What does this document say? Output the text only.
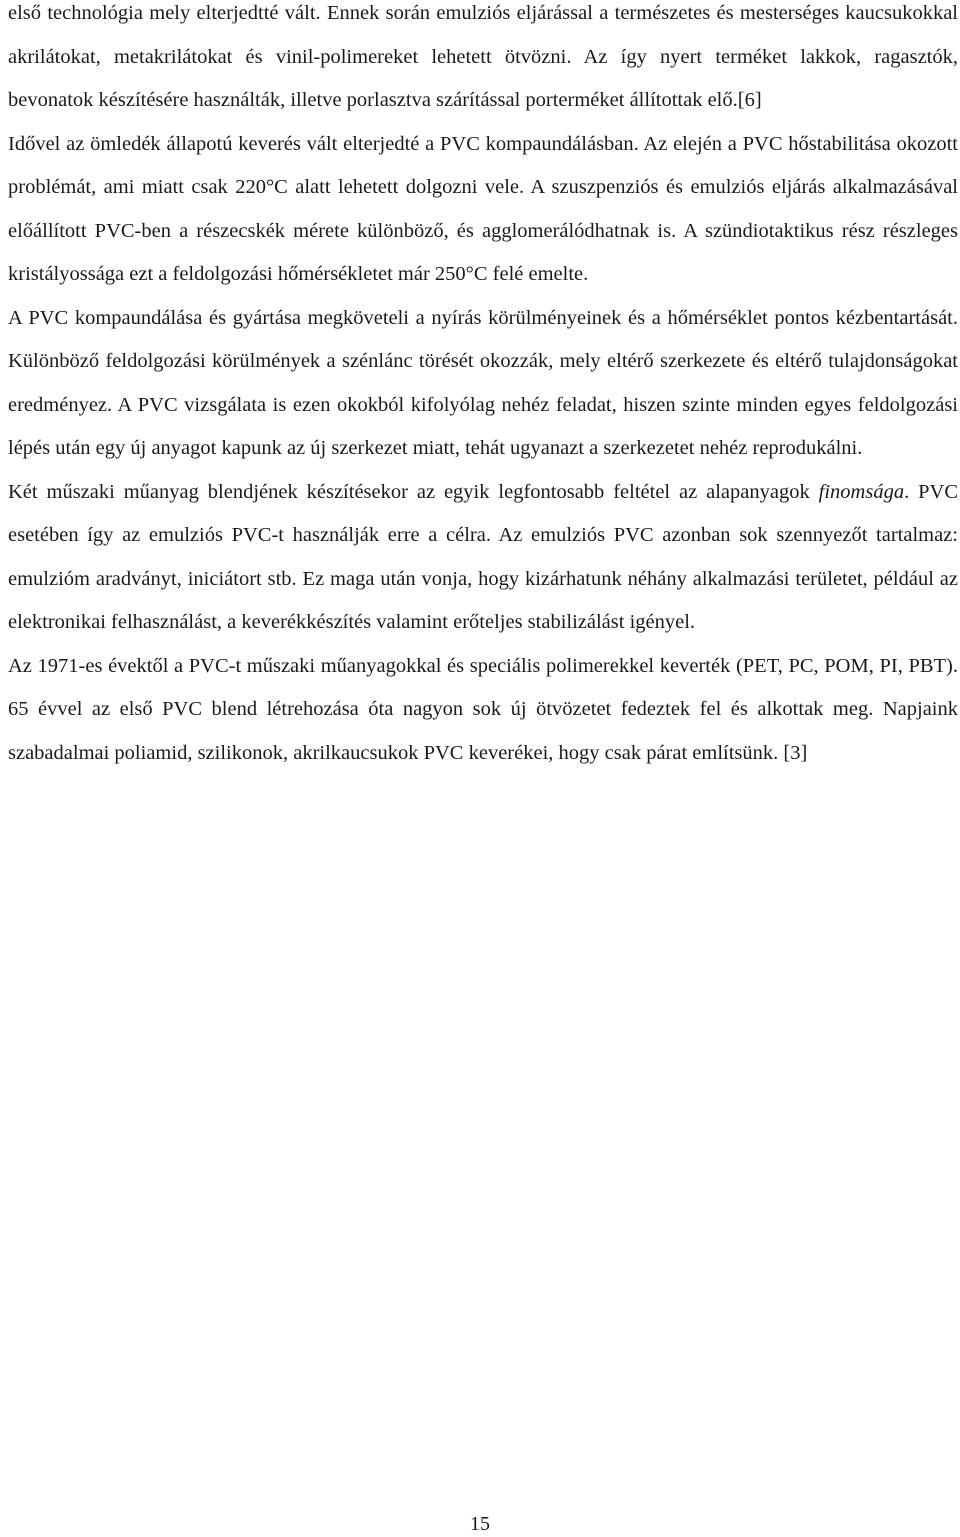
első technológia mely elterjedtté vált. Ennek során emulziós eljárással a természetes és mesterséges kaucsukokkal akrilátokat, metakrilátokat és vinil-polimereket lehetett ötvözni. Az így nyert terméket lakkok, ragasztók, bevonatok készítésére használták, illetve porlasztva szárítással porterméket állítottak elő.[6]

Idővel az ömledék állapotú keverés vált elterjedté a PVC kompaundálásban. Az elején a PVC hőstabilitása okozott problémát, ami miatt csak 220°C alatt lehetett dolgozni vele. A szuszpenziós és emulziós eljárás alkalmazásával előállított PVC-ben a részecskék mérete különböző, és agglomerálódhatnak is. A szündiotaktikus rész részleges kristályossága ezt a feldolgozási hőmérsékletet már 250°C felé emelte.

A PVC kompaundálása és gyártása megköveteli a nyírás körülményeinek és a hőmérséklet pontos kézbentartását. Különböző feldolgozási körülmények a szénlánc törését okozzák, mely eltérő szerkezete és eltérő tulajdonságokat eredményez. A PVC vizsgálata is ezen okokból kifolyólag nehéz feladat, hiszen szinte minden egyes feldolgozási lépés után egy új anyagot kapunk az új szerkezet miatt, tehát ugyanazt a szerkezetet nehéz reprodukálni.

Két műszaki műanyag blendjének készítésekor az egyik legfontosabb feltétel az alapanyagok finomsága. PVC esetében így az emulziós PVC-t használják erre a célra. Az emulziós PVC azonban sok szennyezőt tartalmaz: emulzióm aradványt, iniciátort stb. Ez maga után vonja, hogy kizárhatunk néhány alkalmazási területet, például az elektronikai felhasználást, a keverékkészítés valamint erőteljes stabilizálást igényel.

Az 1971-es évektől a PVC-t műszaki műanyagokkal és speciális polimerekkel keverték (PET, PC, POM, PI, PBT). 65 évvel az első PVC blend létrehozása óta nagyon sok új ötvözetet fedeztek fel és alkottak meg. Napjaink szabadalmai poliamid, szilikonok, akrilkaucsukok PVC keverékei, hogy csak párat említsünk. [3]

15
